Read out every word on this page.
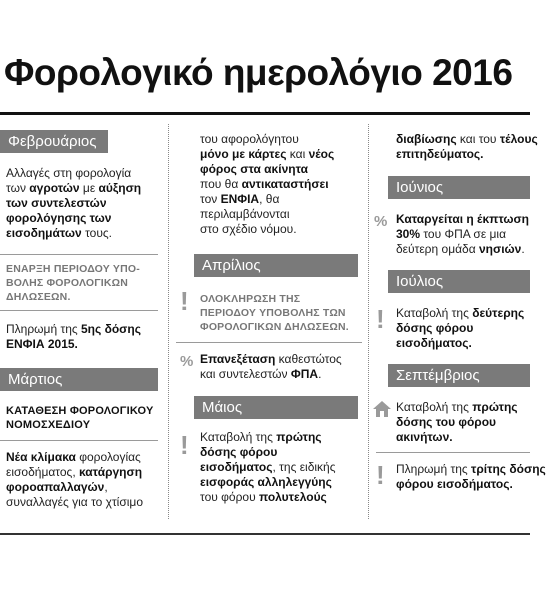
Φορολογικό ημερολόγιο 2016
Φεβρουάριος
Αλλαγές στη φορολογία
των αγροτών με αύξηση
των συντελεστών
φορολόγησης των
εισοδημάτων τους.
ΕΝΑΡΞΗ ΠΕΡΙΟΔΟΥ ΥΠΟ-
ΒΟΛΗΣ ΦΟΡΟΛΟΓΙΚΩΝ
ΔΗΛΩΣΕΩΝ.
Πληρωμή της 5ης δόσης
ΕΝΦΙΑ 2015.
Μάρτιος
ΚΑΤΑΘΕΣΗ ΦΟΡΟΛΟΓΙΚΟΥ
ΝΟΜΟΣΧΕΔΙΟΥ
Νέα κλίμακα φορολογίας
εισοδήματος, κατάργηση
φοροαπαλλαγών,
συναλλαγές για το χτίσιμο
του αφορολόγητου
μόνο με κάρτες και νέος
φόρος στα ακίνητα
που θα αντικαταστήσει
τον ΕΝΦΙΑ, θα
περιλαμβάνονται
στο σχέδιο νόμου.
Απρίλιος
! ΟΛΟΚΛΗΡΩΣΗ ΤΗΣ
ΠΕΡΙΟΔΟΥ ΥΠΟΒΟΛΗΣ ΤΩΝ
ΦΟΡΟΛΟΓΙΚΩΝ ΔΗΛΩΣΕΩΝ.
% Επανεξέταση καθεστώτος
και συντελεστών ΦΠΑ.
Μάιος
! Καταβολή της πρώτης
δόσης φόρου
εισοδήματος, της ειδικής
εισφοράς αλληλεγγύης
του φόρου πολυτελούς
διαβίωσης και του τέλους
επιτηδεύματος.
Ιούνιος
% Καταργείται η έκπτωση
30% του ΦΠΑ σε μια
δεύτερη ομάδα νησιών.
Ιούλιος
! Καταβολή της δεύτερης
δόσης φόρου
εισοδήματος.
Σεπτέμβριος
Καταβολή της πρώτης
δόσης του φόρου
ακινήτων.
! Πληρωμή της τρίτης δόσης
φόρου εισοδήματος.
